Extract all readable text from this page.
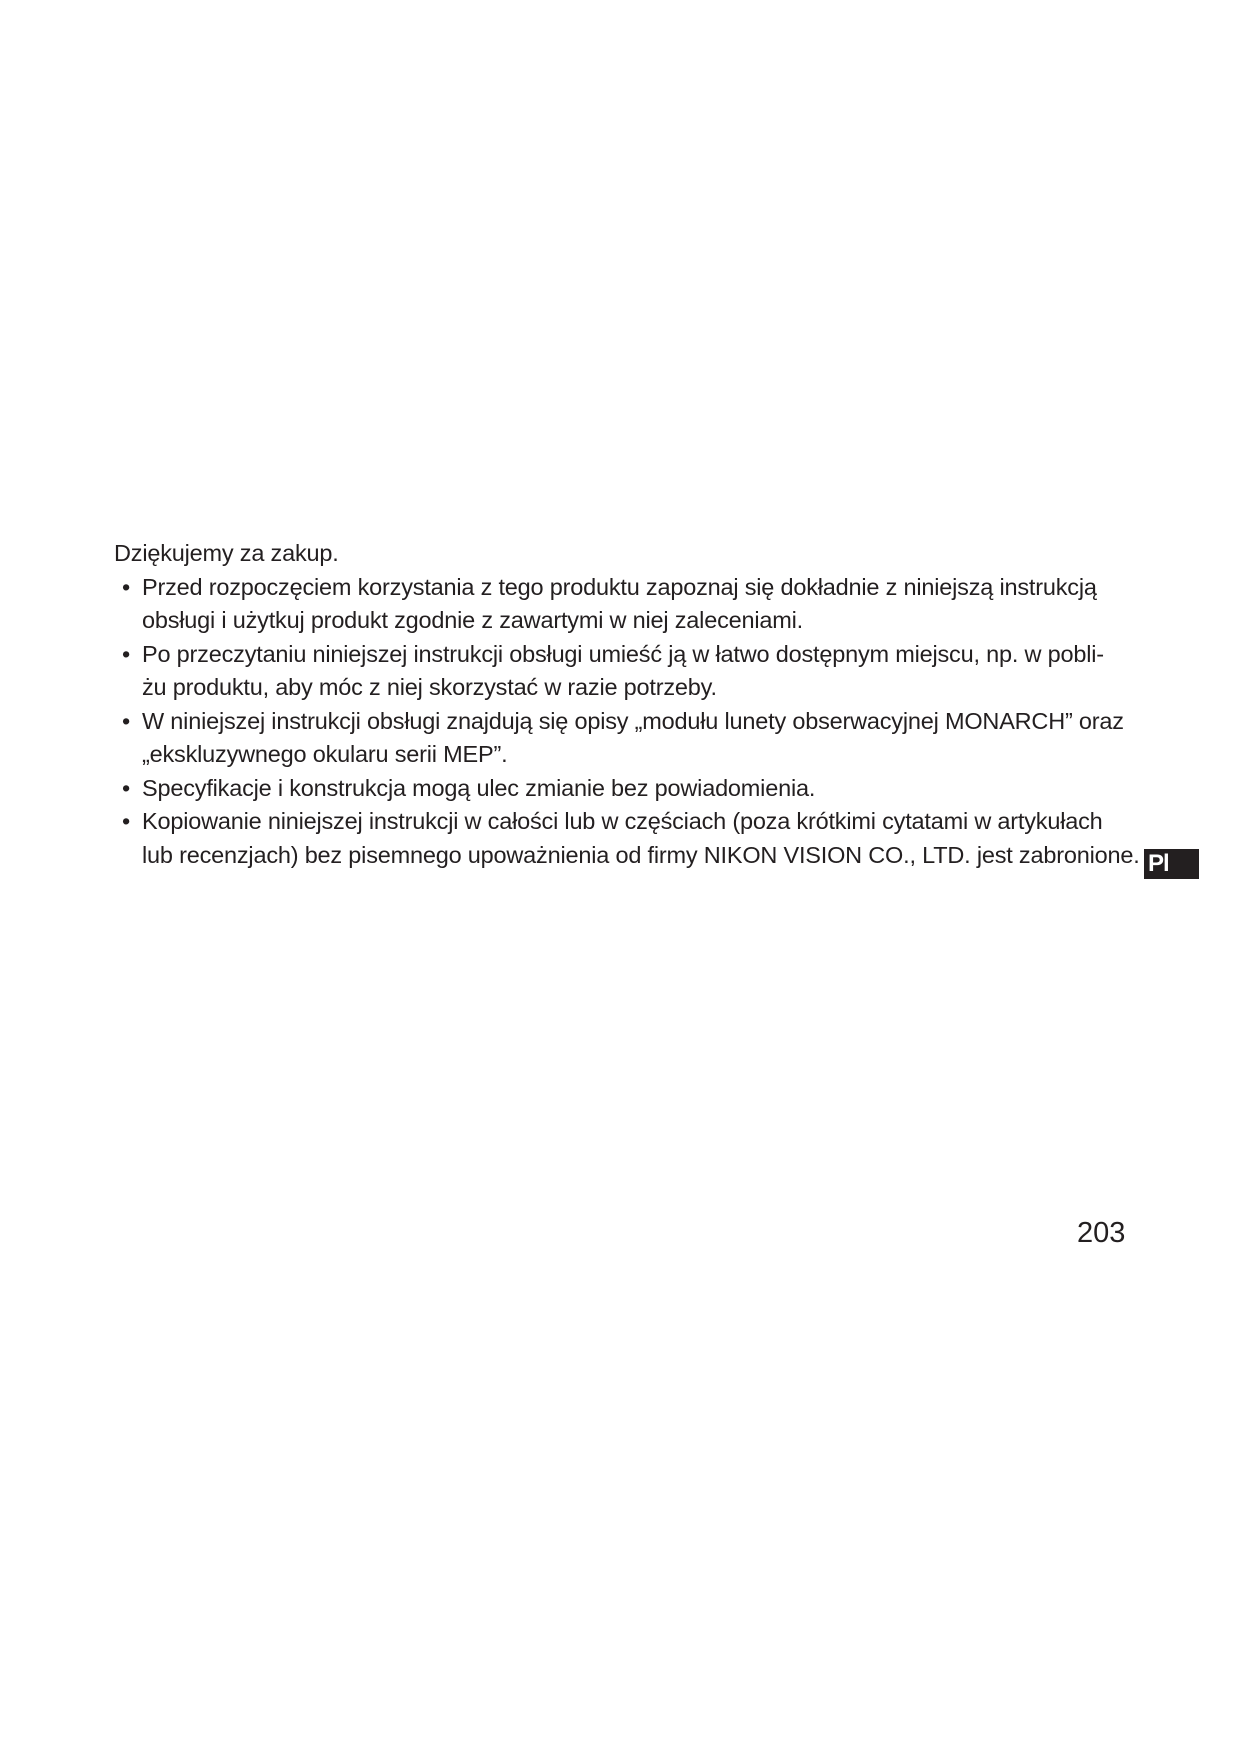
Dziękujemy za zakup.

• Przed rozpoczęciem korzystania z tego produktu zapoznaj się dokładnie z niniejszą instrukcją
obsługi i użytkuj produkt zgodnie z zawartymi w niej zaleceniami.
• Po przeczytaniu niniejszej instrukcji obsługi umieść ją w łatwo dostępnym miejscu, np. w pobli-
żu produktu, aby móc z niej skorzystać w razie potrzeby.
• W niniejszej instrukcji obsługi znajdują się opisy „modułu lunety obserwacyjnej MONARCH” oraz
„ekskluzywnego okularu serii MEP”.
• Specyfikacje i konstrukcja mogą ulec zmianie bez powiadomienia.
• Kopiowanie niniejszej instrukcji w całości lub w częściach (poza krótkimi cytatami w artykułach
lub recenzjach) bez pisemnego upoważnienia od firmy NIKON VISION CO., LTD. jest zabronione. Pl
203
